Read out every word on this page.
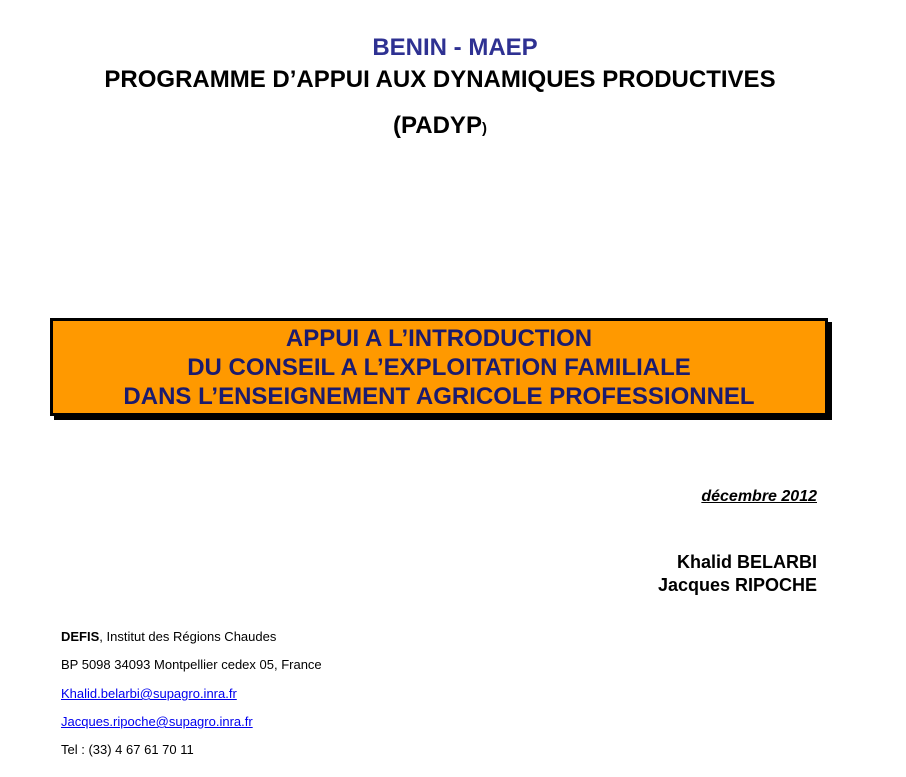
BENIN - MAEP
PROGRAMME D’APPUI AUX DYNAMIQUES PRODUCTIVES
(PADYP)
APPUI A L’INTRODUCTION
DU CONSEIL A L’EXPLOITATION FAMILIALE
DANS L’ENSEIGNEMENT AGRICOLE PROFESSIONNEL
décembre 2012
Khalid BELARBI
Jacques RIPOCHE
DEFIS, Institut des Régions Chaudes
BP 5098 34093 Montpellier cedex 05, France
Khalid.belarbi@supagro.inra.fr
Jacques.ripoche@supagro.inra.fr
Tel : (33) 4 67 61 70 11
